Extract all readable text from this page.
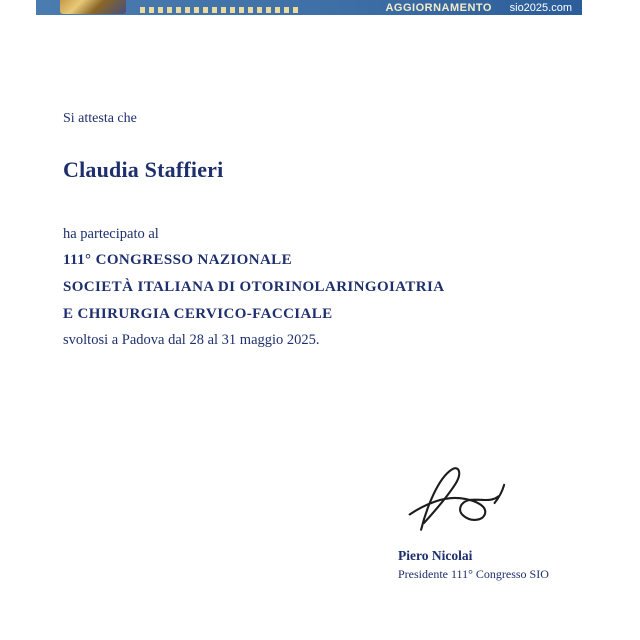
AGGIORNAMENTO sio2025.com
Si attesta che
Claudia Staffieri
ha partecipato al
111° CONGRESSO NAZIONALE
SOCIETÀ ITALIANA DI OTORINOLARINGOIATRIA
E CHIRURGIA CERVICO-FACCIALE
svoltosi a Padova dal 28 al 31 maggio 2025.
Piero Nicolai
Presidente 111° Congresso SIO
